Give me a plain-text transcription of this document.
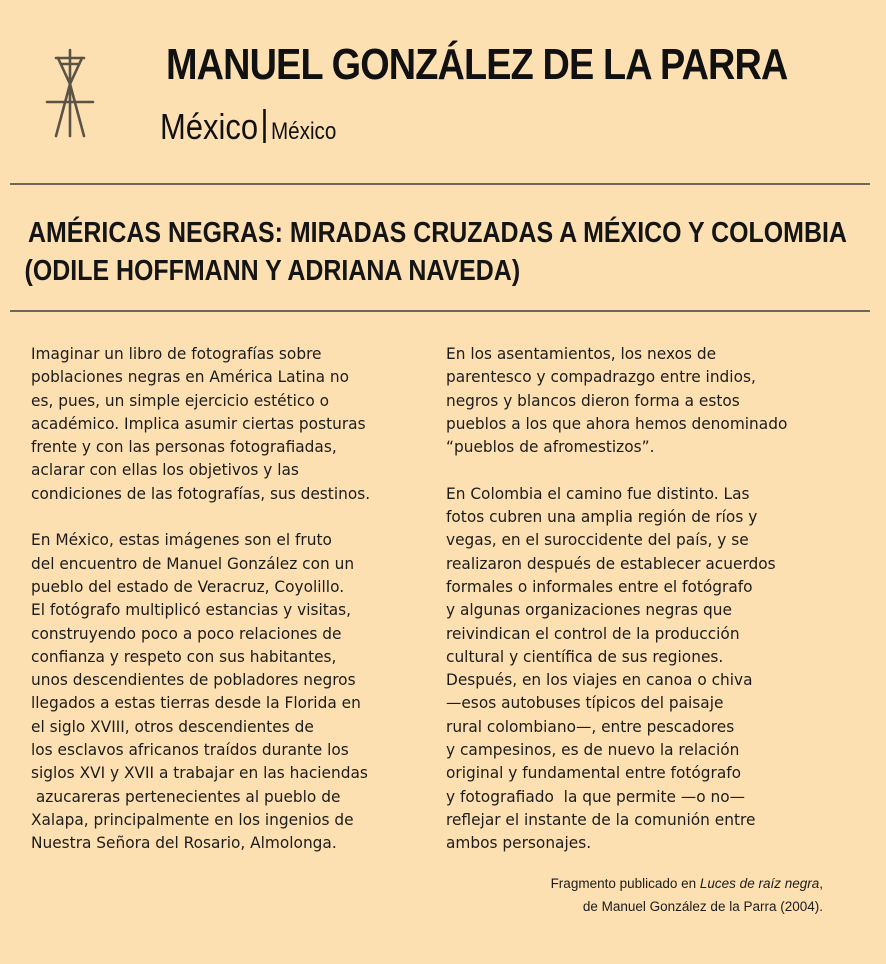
MANUEL GONZÁLEZ DE LA PARRA
México México
AMÉRICAS NEGRAS: MIRADAS CRUZADAS A MÉXICO Y COLOMBIA
(ODILE HOFFMANN Y ADRIANA NAVEDA)

Imaginar un libro de fotografías sobre
poblaciones negras en América Latina no
es, pues, un simple ejercicio estético o
académico. Implica asumir ciertas posturas
frente y con las personas fotografiadas,
aclarar con ellas los objetivos y las
condiciones de las fotografías, sus destinos.

En México, estas imágenes son el fruto
del encuentro de Manuel González con un
pueblo del estado de Veracruz, Coyolillo.
El fotógrafo multiplicó estancias y visitas,
construyendo poco a poco relaciones de
confianza y respeto con sus habitantes,
unos descendientes de pobladores negros
llegados a estas tierras desde la Florida en
el siglo XVIII, otros descendientes de
los esclavos africanos traídos durante los
siglos XVI y XVII a trabajar en las haciendas
azucareras pertenecientes al pueblo de
Xalapa, principalmente en los ingenios de
Nuestra Señora del Rosario, Almolonga.

En los asentamientos, los nexos de
parentesco y compadrazgo entre indios,
negros y blancos dieron forma a estos
pueblos a los que ahora hemos denominado
“pueblos de afromestizos”.

En Colombia el camino fue distinto. Las
fotos cubren una amplia región de ríos y
vegas, en el suroccidente del país, y se
realizaron después de establecer acuerdos
formales o informales entre el fotógrafo
y algunas organizaciones negras que
reivindican el control de la producción
cultural y científica de sus regiones.
Después, en los viajes en canoa o chiva
—esos autobuses típicos del paisaje
rural colombiano—, entre pescadores
y campesinos, es de nuevo la relación
original y fundamental entre fotógrafo
y fotografiado  la que permite —o no—
reflejar el instante de la comunión entre
ambos personajes.

Fragmento publicado en Luces de raíz negra,
de Manuel González de la Parra (2004).
